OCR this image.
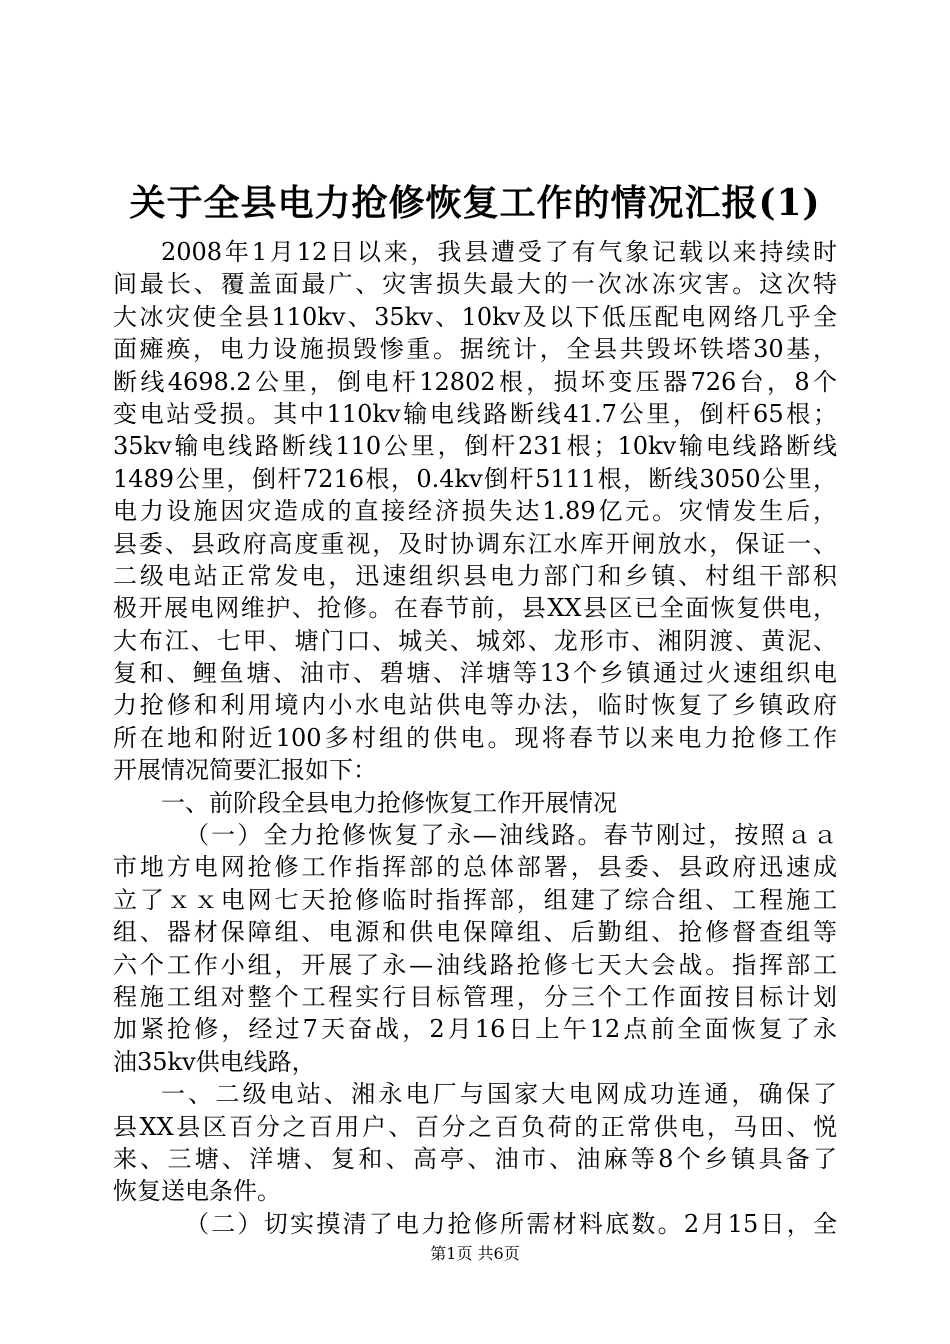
关于全县电力抢修恢复工作的情况汇报(1)
2008年1月12日以来，我县遭受了有气象记载以来持续时
间最长、覆盖面最广、灾害损失最大的一次冰冻灾害。这次特
大冰灾使全县110kv、35kv、10kv及以下低压配电网络几乎全
面瘫痪，电力设施损毁惨重。据统计，全县共毁坏铁塔30基，
断线4698.2公里，倒电杆12802根，损坏变压器726台，8个
变电站受损。其中110kv输电线路断线41.7公里，倒杆65根；
35kv输电线路断线110公里，倒杆231根；10kv输电线路断线
1489公里，倒杆7216根，0.4kv倒杆5111根，断线3050公里，
电力设施因灾造成的直接经济损失达1.89亿元。灾情发生后，
县委、县政府高度重视，及时协调东江水库开闸放水，保证一、
二级电站正常发电，迅速组织县电力部门和乡镇、村组干部积
极开展电网维护、抢修。在春节前，县XX县区已全面恢复供电，
大布江、七甲、塘门口、城关、城郊、龙形市、湘阴渡、黄泥、
复和、鲤鱼塘、油市、碧塘、洋塘等13个乡镇通过火速组织电
力抢修和利用境内小水电站供电等办法，临时恢复了乡镇政府
所在地和附近100多村组的供电。现将春节以来电力抢修工作
开展情况简要汇报如下：
一、前阶段全县电力抢修恢复工作开展情况
（一）全力抢修恢复了永—油线路。春节刚过，按照ａａ
市地方电网抢修工作指挥部的总体部署，县委、县政府迅速成
立了ｘｘ电网七天抢修临时指挥部，组建了综合组、工程施工
组、器材保障组、电源和供电保障组、后勤组、抢修督查组等
六个工作小组，开展了永—油线路抢修七天大会战。指挥部工
程施工组对整个工程实行目标管理，分三个工作面按目标计划
加紧抢修，经过7天奋战，2月16日上午12点前全面恢复了永
油35kv供电线路，
一、二级电站、湘永电厂与国家大电网成功连通，确保了
县XX县区百分之百用户、百分之百负荷的正常供电，马田、悦
来、三塘、洋塘、复和、高亭、油市、油麻等8个乡镇具备了
恢复送电条件。
（二）切实摸清了电力抢修所需材料底数。2月15日，全
第1页 共6页
